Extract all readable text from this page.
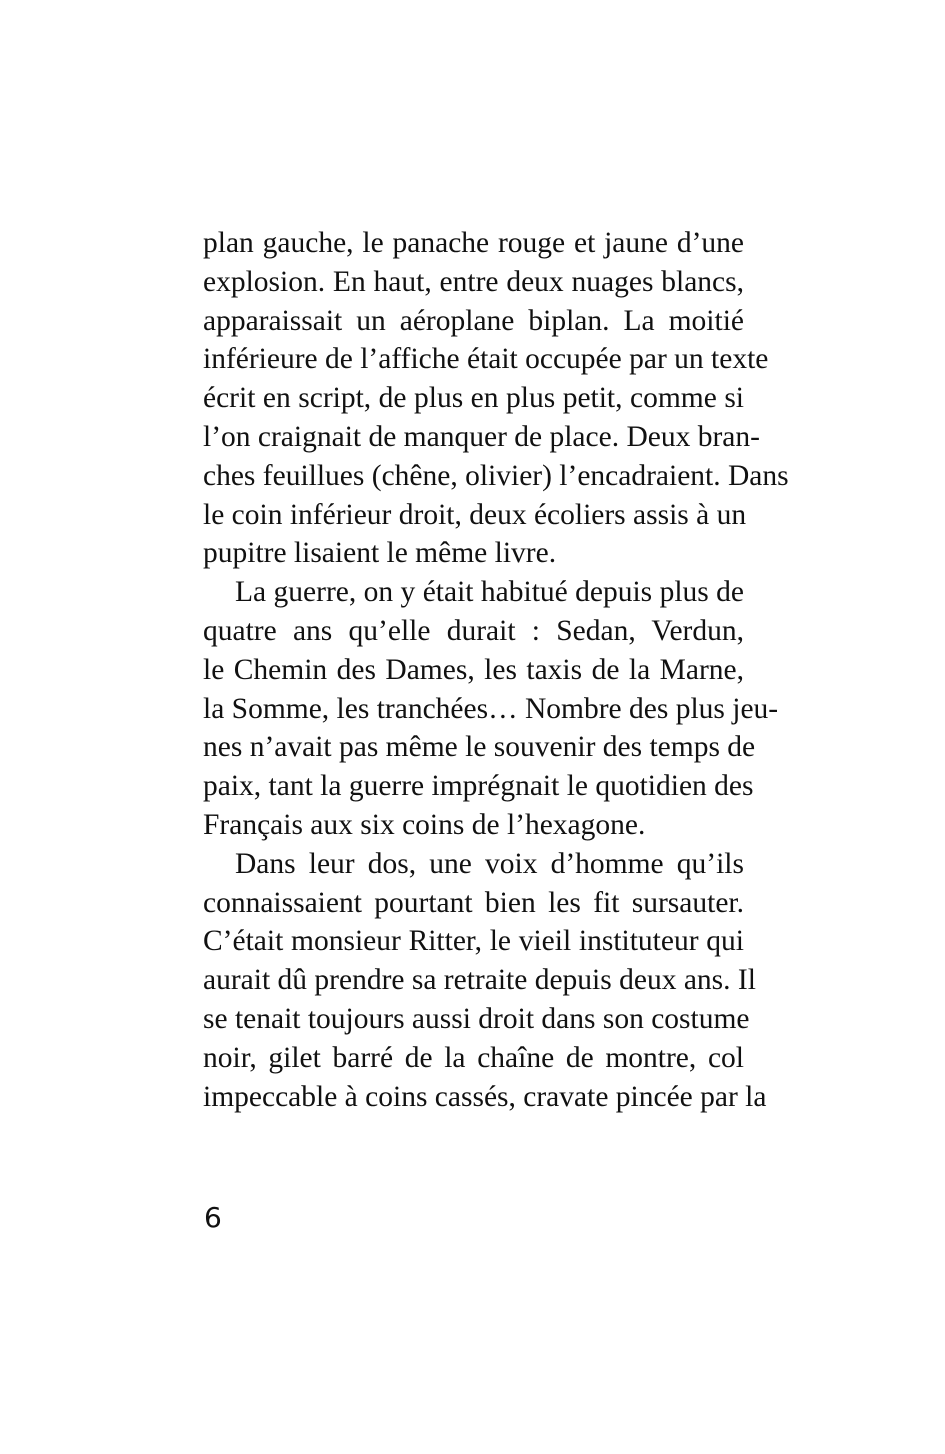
plan gauche, le panache rouge et jaune d’une
explosion. En haut, entre deux nuages blancs,
apparaissait un aéroplane biplan. La moitié
inférieure de l’affiche était occupée par un texte
écrit en script, de plus en plus petit, comme si
l’on craignait de manquer de place. Deux bran-
ches feuillues (chêne, olivier) l’encadraient. Dans
le coin inférieur droit, deux écoliers assis à un
pupitre lisaient le même livre.

La guerre, on y était habitué depuis plus de
quatre ans qu’elle durait : Sedan, Verdun,
le Chemin des Dames, les taxis de la Marne,
la Somme, les tranchées… Nombre des plus jeu-
nes n’avait pas même le souvenir des temps de
paix, tant la guerre imprégnait le quotidien des
Français aux six coins de l’hexagone.

Dans leur dos, une voix d’homme qu’ils
connaissaient pourtant bien les fit sursauter.
C’était monsieur Ritter, le vieil instituteur qui
aurait dû prendre sa retraite depuis deux ans. Il
se tenait toujours aussi droit dans son costume
noir, gilet barré de la chaîne de montre, col
impeccable à coins cassés, cravate pincée par la

6
